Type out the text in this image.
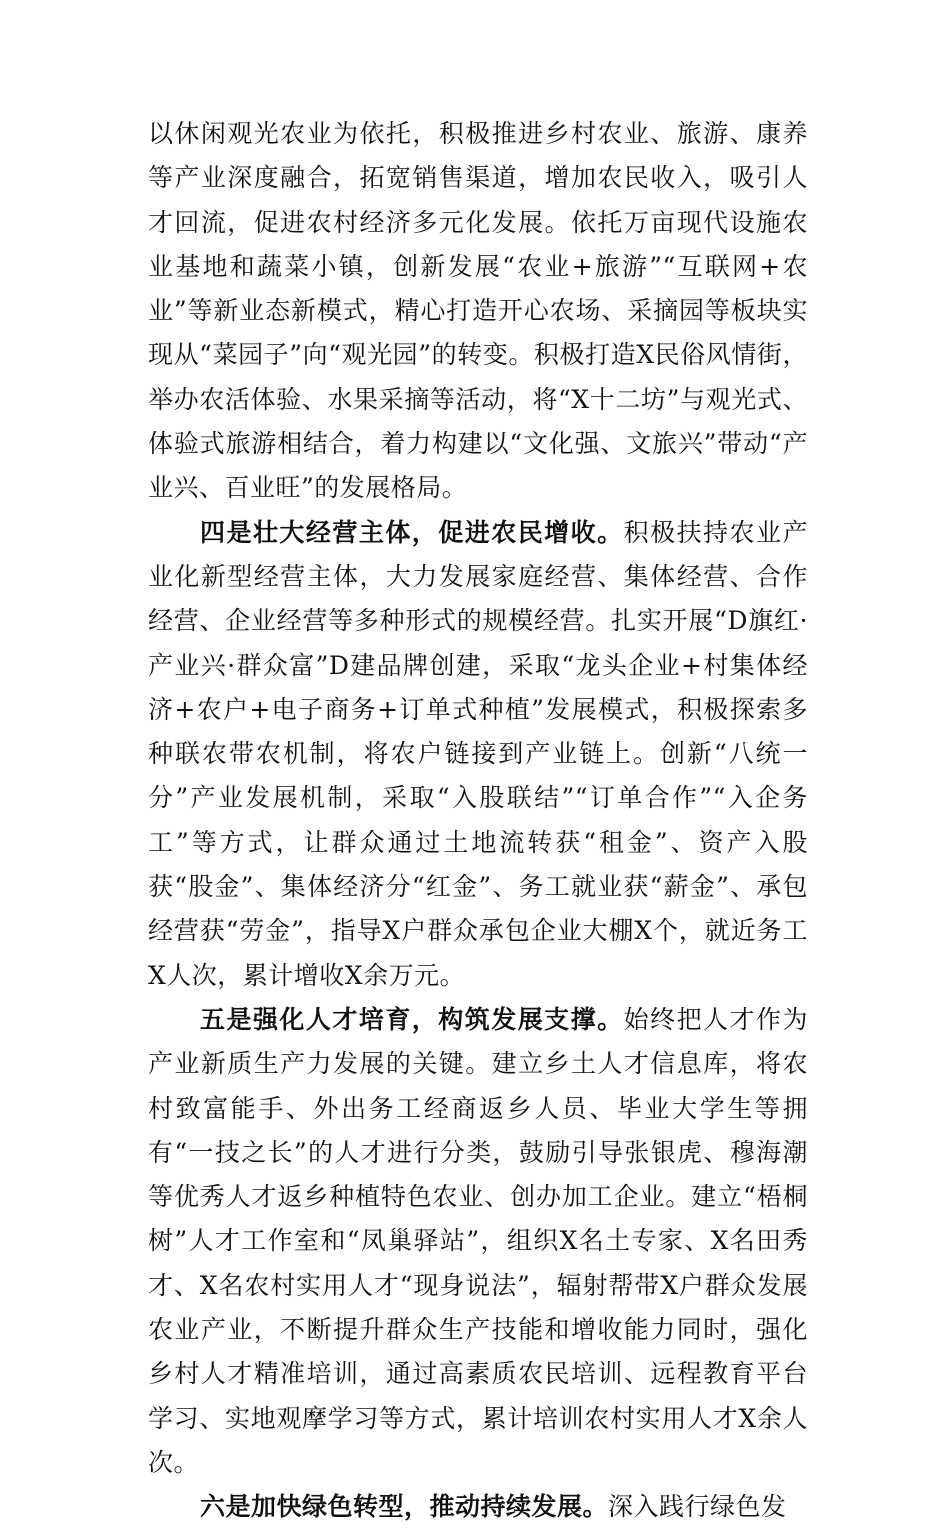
以休闲观光农业为依托，积极推进乡村农业、旅游、康养等产业深度融合，拓宽销售渠道，增加农民收入，吸引人才回流，促进农村经济多元化发展。依托万亩现代设施农业基地和蔬菜小镇，创新发展“农业+旅游”“互联网+农业”等新业态新模式，精心打造开心农场、采摘园等板块实现从“菜园子”向“观光园”的转变。积极打造X民俗风情街，举办农活体验、水果采摘等活动，将“X十二坊”与观光式、体验式旅游相结合，着力构建以“文化强、文旅兴”带动“产业兴、百业旺”的发展格局。

四是壮大经营主体，促进农民增收。积极扶持农业产业化新型经营主体，大力发展家庭经营、集体经营、合作经营、企业经营等多种形式的规模经营。扎实开展“D旗红·产业兴·群众富”D建品牌创建，采取“龙头企业+村集体经济+农户+电子商务+订单式种植”发展模式，积极探索多种联农带农机制，将农户链接到产业链上。创新“八统一分”产业发展机制，采取“入股联结”“订单合作”“入企务工”等方式，让群众通过土地流转获“租金”、资产入股获“股金”、集体经济分“红金”、务工就业获“薪金”、承包经营获“劳金”，指导X户群众承包企业大棚X个，就近务工X人次，累计增收X余万元。

五是强化人才培育，构筑发展支撑。始终把人才作为产业新质生产力发展的关键。建立乡土人才信息库，将农村致富能手、外出务工经商返乡人员、毕业大学生等拥有“一技之长”的人才进行分类，鼓励引导张银虎、穆海潮等优秀人才返乡种植特色农业、创办加工企业。建立“梧桐树”人才工作室和“凤巢驿站”，组织X名土专家、X名田秀才、X名农村实用人才“现身说法”，辐射帮带X户群众发展农业产业，不断提升群众生产技能和增收能力同时，强化乡村人才精准培训，通过高素质农民培训、远程教育平台学习、实地观摩学习等方式，累计培训农村实用人才X余人次。

六是加快绿色转型，推动持续发展。深入践行绿色发
